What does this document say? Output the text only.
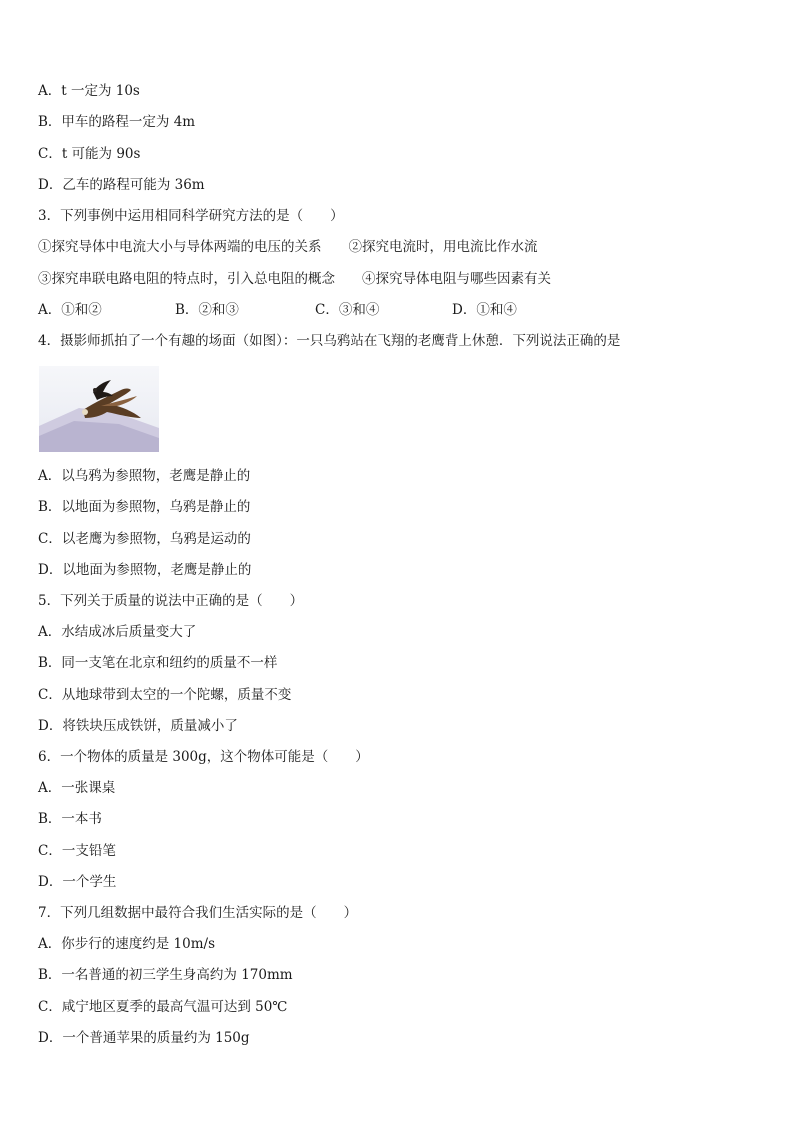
A．t 一定为 10s
B．甲车的路程一定为 4m
C．t 可能为 90s
D．乙车的路程可能为 36m
3．下列事例中运用相同科学研究方法的是（　　）
①探究导体中电流大小与导体两端的电压的关系　　②探究电流时，用电流比作水流
③探究串联电路电阻的特点时，引入总电阻的概念　　④探究导体电阻与哪些因素有关

A．①和②

	B．②和③

	C．③和④

	D．①和④

4．摄影师抓拍了一个有趣的场面（如图）：一只乌鸦站在飞翔的老鹰背上休憩．下列说法正确的是
A．以乌鸦为参照物，老鹰是静止的
B．以地面为参照物，乌鸦是静止的
C．以老鹰为参照物，乌鸦是运动的
D．以地面为参照物，老鹰是静止的
5．下列关于质量的说法中正确的是（　　）
A．水结成冰后质量变大了
B．同一支笔在北京和纽约的质量不一样
C．从地球带到太空的一个陀螺，质量不变
D．将铁块压成铁饼，质量减小了
6．一个物体的质量是 300g，这个物体可能是（　　）
A．一张课桌
B．一本书
C．一支铅笔
D．一个学生
7．下列几组数据中最符合我们生活实际的是（　　）
A．你步行的速度约是 10m/s
B．一名普通的初三学生身高约为 170mm
C．咸宁地区夏季的最高气温可达到 50℃
D．一个普通苹果的质量约为 150g
